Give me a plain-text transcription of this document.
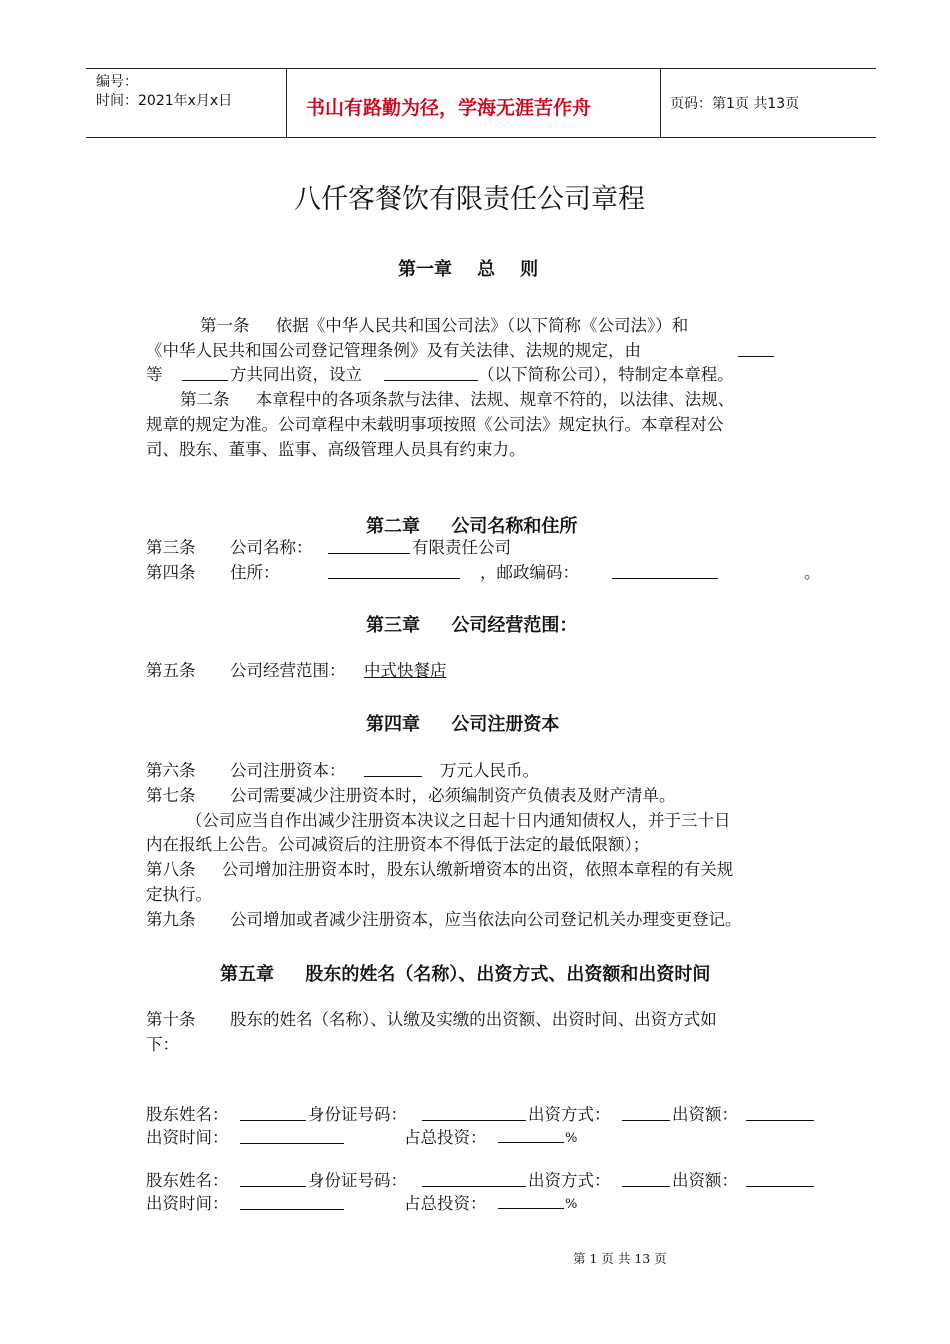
编号：
时间：2021年x月x日	书山有路勤为径，学海无涯苦作舟	页码：第1页 共13页
八仟客餐饮有限责任公司章程
第一章    总    则
第一条     依据《中华人民共和国公司法》（以下简称《公司法》）和
《中华人民共和国公司登记管理条例》及有关法律、法规的规定，由
等	方共同出资，设立	（以下简称公司），特制定本章程。
第二条     本章程中的各项条款与法律、法规、规章不符的，以法律、法规、
规章的规定为准。公司章程中未载明事项按照《公司法》规定执行。本章程对公
司、股东、董事、监事、高级管理人员具有约束力。
第二章     公司名称和住所
第三条 公司名称：	有限责任公司
第四条 住所：	，邮政编码：	。
第三章     公司经营范围：
第五条 公司经营范围： 中式快餐店
第四章     公司注册资本
第六条 公司注册资本：	万元人民币。
第七条 公司需要减少注册资本时，必须编制资产负债表及财产清单。
（公司应当自作出减少注册资本决议之日起十日内通知债权人，并于三十日
内在报纸上公告。公司减资后的注册资本不得低于法定的最低限额）；
第八条     公司增加注册资本时，股东认缴新增资本的出资，依照本章程的有关规
定执行。
第九条 公司增加或者减少注册资本，应当依法向公司登记机关办理变更登记。
第五章     股东的姓名（名称）、出资方式、出资额和出资时间
第十条 股东的姓名（名称）、认缴及实缴的出资额、出资时间、出资方式如
下：
股东姓名：	身份证号码：	出资方式：	出资额：
出资时间：	占总投资：	%
股东姓名：	身份证号码：	出资方式：	出资额：
出资时间：	占总投资：	%
第 1 页 共 13 页
